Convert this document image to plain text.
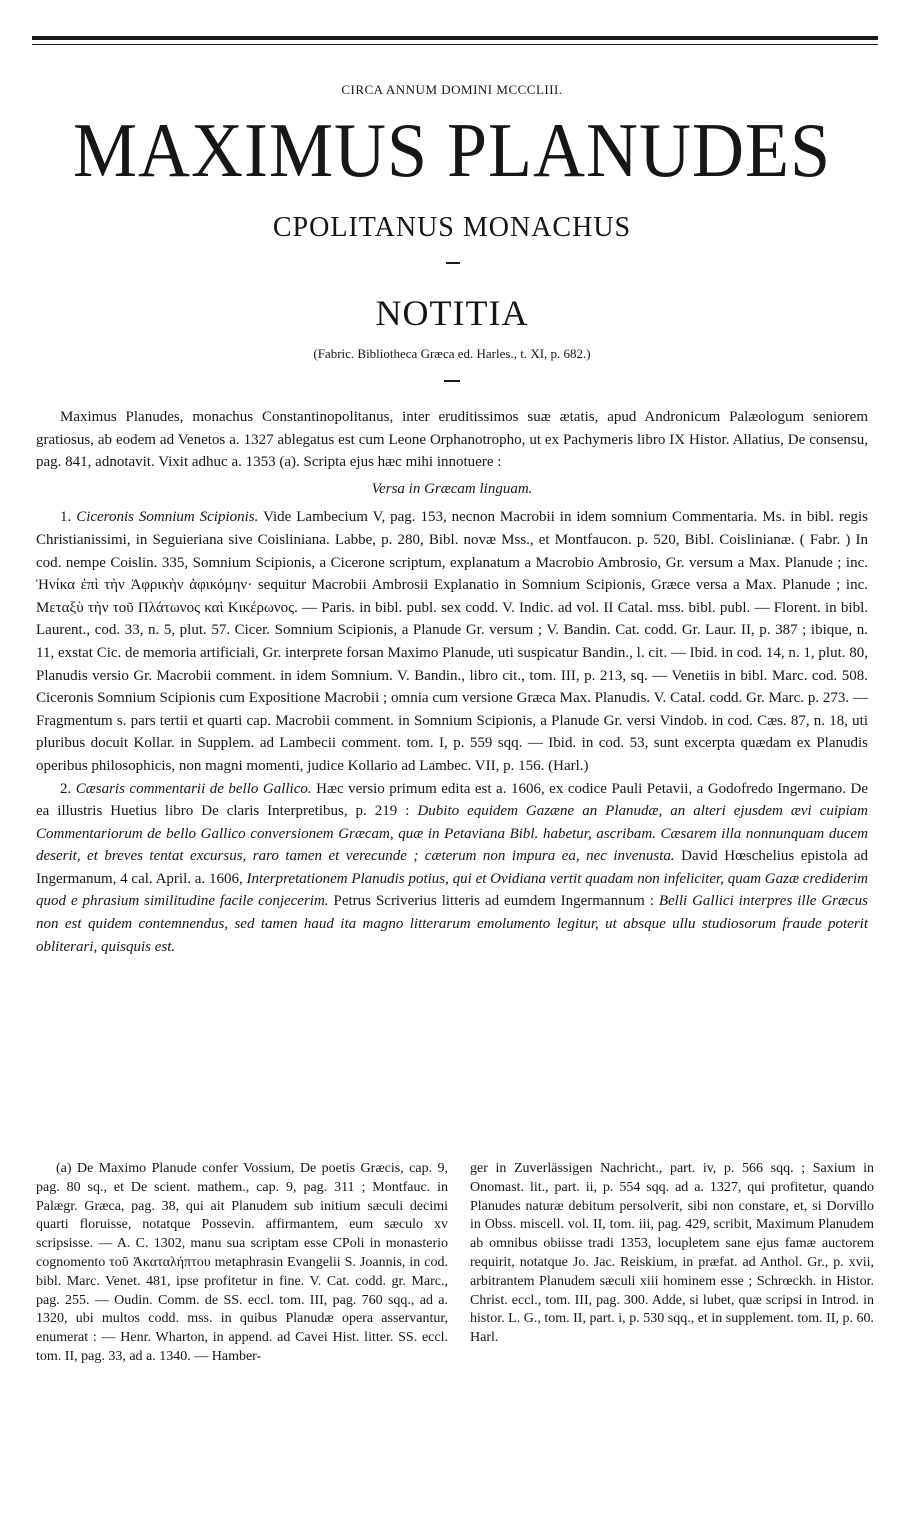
CIRCA ANNUM DOMINI MCCCLIII.
MAXIMUS PLANUDES
CPOLITANUS MONACHUS
NOTITIA
(Fabric. Bibliotheca Græca ed. Harles., t. XI, p. 682.)

Maximus Planudes, monachus Constantinopolitanus, inter eruditissimos suæ ætatis, apud Andronicum Palæologum seniorem gratiosus, ab eodem ad Venetos a. 1327 ablegatus est cum Leone Orphanotropho, ut ex Pachymeris libro IX Histor. Allatius, De consensu, pag. 841, adnotavit. Vixit adhuc a. 1353 (a). Scripta ejus hæc mihi innotuere :

Versa in Græcam linguam.

1. Ciceronis Somnium Scipionis. Vide Lambecium V, pag. 153, necnon Macrobii in idem somnium Commentaria. Ms. in bibl. regis Christianissimi, in Seguieriana sive Coisliniana. Labbe, p. 280, Bibl. novæ Mss., et Montfaucon. p. 520, Bibl. Coislinianæ. ( Fabr. ) In cod. nempe Coislin. 335, Somnium Scipionis, a Cicerone scriptum, explanatum a Macrobio Ambrosio, Gr. versum a Max. Planude ; inc. Ἡνίκα ἐπὶ τὴν Ἀφρικὴν ἀφικόμην· sequitur Macrobii Ambrosii Explanatio in Somnium Scipionis, Græce versa a Max. Planude ; inc. Μεταξὺ τὴν τοῦ Πλάτωνος καὶ Κικέρωνος. — Paris. in bibl. publ. sex codd. V. Indic. ad vol. II Catal. mss. bibl. publ. — Florent. in bibl. Laurent., cod. 33, n. 5, plut. 57. Cicer. Somnium Scipionis, a Planude Gr. versum ; V. Bandin. Cat. codd. Gr. Laur. II, p. 387 ; ibique, n. 11, exstat Cic. de memoria artificiali, Gr. interprete forsan Maximo Planude, uti suspicatur Bandin., l. cit. — Ibid. in cod. 14, n. 1, plut. 80, Planudis versio Gr. Macrobii comment. in idem Somnium. V. Bandin., libro cit., tom. III, p. 213, sq. — Venetiis in bibl. Marc. cod. 508. Ciceronis Somnium Scipionis cum Expositione Macrobii ; omnia cum versione Græca Max. Planudis. V. Catal. codd. Gr. Marc. p. 273. — Fragmentum s. pars tertii et quarti cap. Macrobii comment. in Somnium Scipionis, a Planude Gr. versi Vindob. in cod. Cæs. 87, n. 18, uti pluribus docuit Kollar. in Supplem. ad Lambecii comment. tom. I, p. 559 sqq. — Ibid. in cod. 53, sunt excerpta quædam ex Planudis operibus philosophicis, non magni momenti, judice Kollario ad Lambec. VII, p. 156. (Harl.)

2. Cæsaris commentarii de bello Gallico. Hæc versio primum edita est a. 1606, ex codice Pauli Petavii, a Godofredo Ingermano. De ea illustris Huetius libro De claris Interpretibus, p. 219 : Dubito equidem Gazæne an Planudæ, an alteri ejusdem ævi cuipiam Commentariorum de bello Gallico conversionem Græcam, quæ in Petaviana Bibl. habetur, ascribam. Cæsarem illa nonnunquam ducem deserit, et breves tentat excursus, raro tamen et verecunde ; cæterum non impura ea, nec invenusta. David Hœschelius epistola ad Ingermanum, 4 cal. April. a. 1606, Interpretationem Planudis potius, qui et Ovidiana vertit quadam non infeliciter, quam Gazæ crediderim quod e phrasium similitudine facile conjecerim. Petrus Scriverius litteris ad eumdem Ingermannum : Belli Gallici interpres ille Græcus non est quidem contemnendus, sed tamen haud ita magno litterarum emolumento legitur, ut absque ullu studiosorum fraude poterit obliterari, quisquis est.

(a) De Maximo Planude confer Vossium, De poetis Græcis, cap. 9, pag. 80 sq., et De scient. mathem., cap. 9, pag. 311 ; Montfauc. in Palægr. Græca, pag. 38, qui ait Planudem sub initium sæculi decimi quarti floruisse, notatque Possevin. affirmantem, eum sæculo xv scripsisse. — A. C. 1302, manu sua scriptam esse CPoli in monasterio cognomento τοῦ Ἀκαταλήπτου metaphrasin Evangelii S. Joannis, in cod. bibl. Marc. Venet. 481, ipse profitetur in fine. V. Cat. codd. gr. Marc., pag. 255. — Oudin. Comm. de SS. eccl. tom. III, pag. 760 sqq., ad a. 1320, ubi multos codd. mss. in quibus Planudæ opera asservantur, enumerat : — Henr. Wharton, in append. ad Cavei Hist. litter. SS. eccl. tom. II, pag. 33, ad a. 1340. — Hamber-

ger in Zuverlässigen Nachricht., part. iv, p. 566 sqq. ; Saxium in Onomast. lit., part. ii, p. 554 sqq. ad a. 1327, qui profitetur, quando Planudes naturæ debitum persolverit, sibi non constare, et, si Dorvillo in Obss. miscell. vol. II, tom. iii, pag. 429, scribit, Maximum Planudem ab omnibus obiisse tradi 1353, locupletem sane ejus famæ auctorem requirit, notatque Jo. Jac. Reiskium, in præfat. ad Anthol. Gr., p. xvii, arbitrantem Planudem sæculi xiii hominem esse ; Schrœckh. in Histor. Christ. eccl., tom. III, pag. 300. Adde, si lubet, quæ scripsi in Introd. in histor. L. G., tom. II, part. i, p. 530 sqq., et in supplement. tom. II, p. 60. Harl.
